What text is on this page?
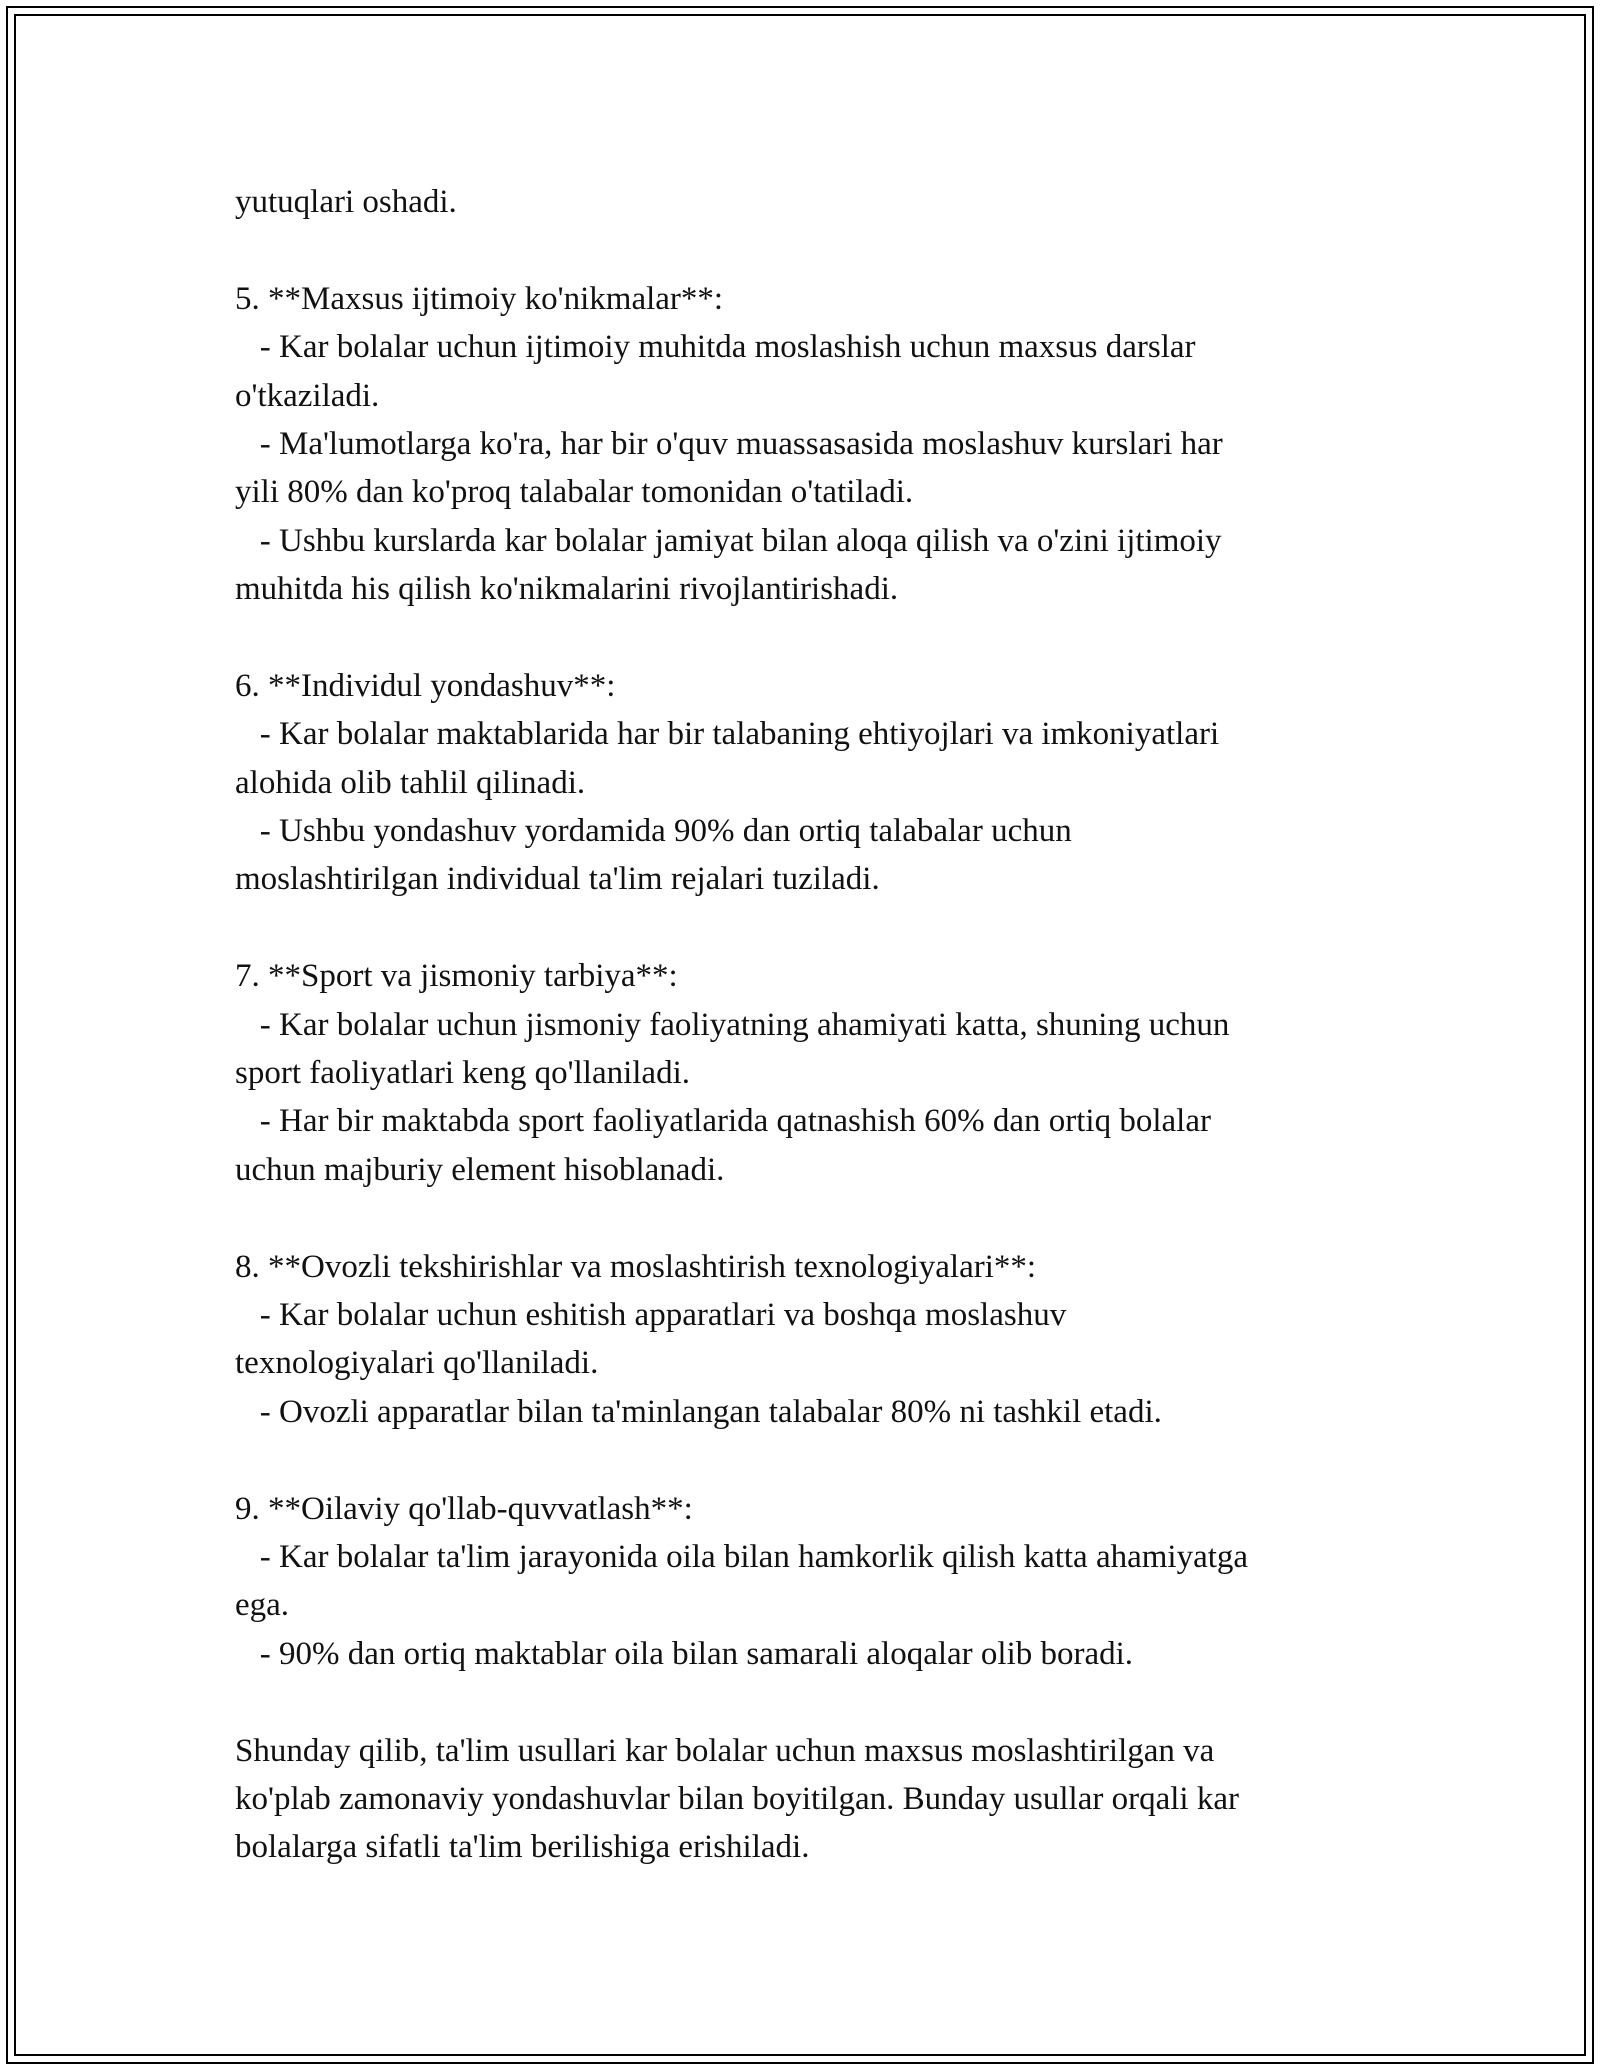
yutuqlari oshadi.

5. **Maxsus ijtimoiy ko'nikmalar**:

- Kar bolalar uchun ijtimoiy muhitda moslashish uchun maxsus darslar

o'tkaziladi.

- Ma'lumotlarga ko'ra, har bir o'quv muassasasida moslashuv kurslari har

yili 80% dan ko'proq talabalar tomonidan o'tatiladi.

- Ushbu kurslarda kar bolalar jamiyat bilan aloqa qilish va o'zini ijtimoiy

muhitda his qilish ko'nikmalarini rivojlantirishadi.

6. **Individul yondashuv**:

- Kar bolalar maktablarida har bir talabaning ehtiyojlari va imkoniyatlari

alohida olib tahlil qilinadi.

- Ushbu yondashuv yordamida 90% dan ortiq talabalar uchun

moslashtirilgan individual ta'lim rejalari tuziladi.

7. **Sport va jismoniy tarbiya**:

- Kar bolalar uchun jismoniy faoliyatning ahamiyati katta, shuning uchun

sport faoliyatlari keng qo'llaniladi.

- Har bir maktabda sport faoliyatlarida qatnashish 60% dan ortiq bolalar

uchun majburiy element hisoblanadi.

8. **Ovozli tekshirishlar va moslashtirish texnologiyalari**:

- Kar bolalar uchun eshitish apparatlari va boshqa moslashuv

texnologiyalari qo'llaniladi.

- Ovozli apparatlar bilan ta'minlangan talabalar 80% ni tashkil etadi.

9. **Oilaviy qo'llab-quvvatlash**:

- Kar bolalar ta'lim jarayonida oila bilan hamkorlik qilish katta ahamiyatga

ega.

- 90% dan ortiq maktablar oila bilan samarali aloqalar olib boradi.

Shunday qilib, ta'lim usullari kar bolalar uchun maxsus moslashtirilgan va

ko'plab zamonaviy yondashuvlar bilan boyitilgan. Bunday usullar orqali kar

bolalarga sifatli ta'lim berilishiga erishiladi.
